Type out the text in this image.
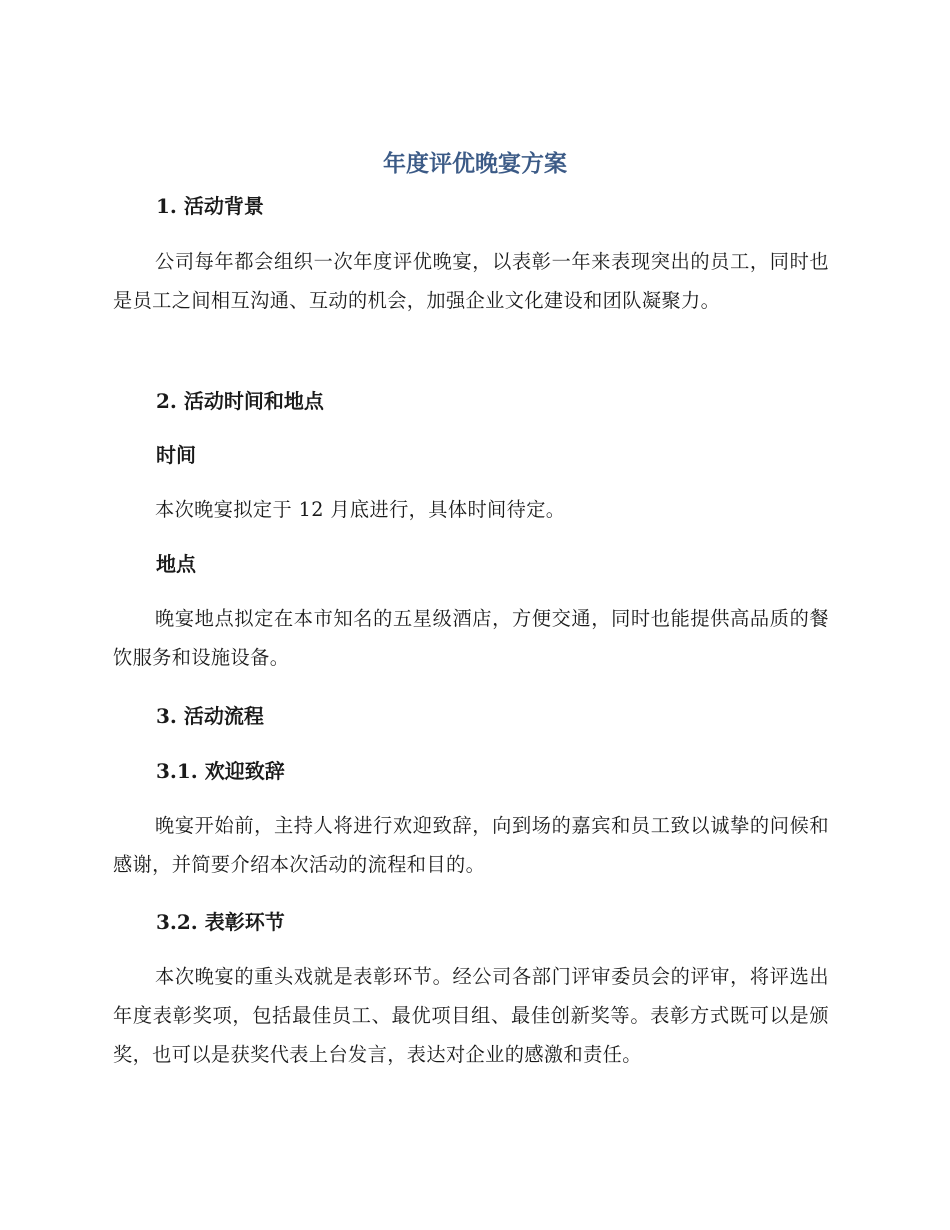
年度评优晚宴方案
1. 活动背景

公司每年都会组织一次年度评优晚宴，以表彰一年来表现突出的员工，同时也是员工之间相互沟通、互动的机会，加强企业文化建设和团队凝聚力。

2. 活动时间和地点
时间

本次晚宴拟定于 12 月底进行，具体时间待定。

地点

晚宴地点拟定在本市知名的五星级酒店，方便交通，同时也能提供高品质的餐饮服务和设施设备。

3. 活动流程
3.1. 欢迎致辞

晚宴开始前，主持人将进行欢迎致辞，向到场的嘉宾和员工致以诚挚的问候和感谢，并简要介绍本次活动的流程和目的。

3.2. 表彰环节

本次晚宴的重头戏就是表彰环节。经公司各部门评审委员会的评审，将评选出年度表彰奖项，包括最佳员工、最优项目组、最佳创新奖等。表彰方式既可以是颁奖，也可以是获奖代表上台发言，表达对企业的感激和责任。
